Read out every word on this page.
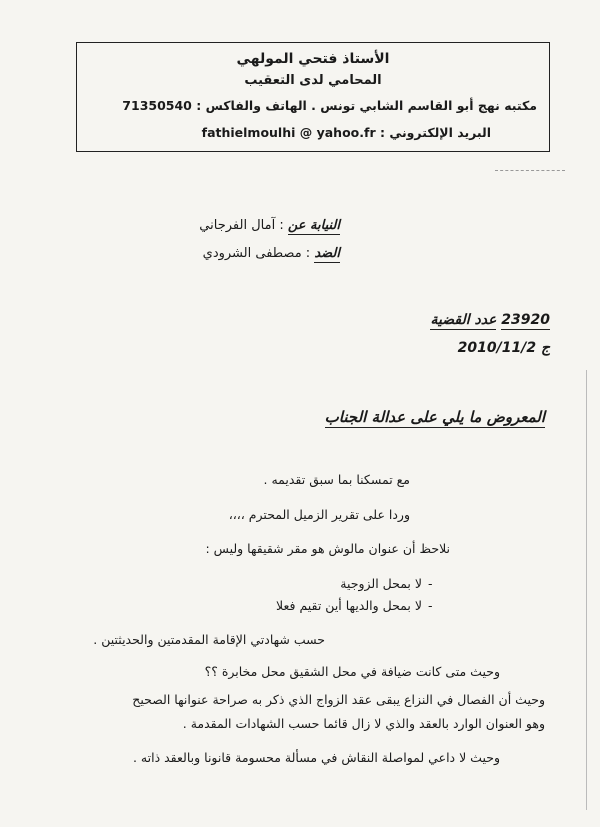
الأستاذ فتحي المولهي
المحامي لدى التعقيب
مكتبه نهج أبو القاسم الشابي تونس . الهاتف والفاكس : 71350540
البريد الإلكتروني : fathielmoulhi @ yahoo.fr
النيابة عن : آمال الفرجاني
الضد : مصطفى الشرودي
عدد القضية 23920
ج 2010/11/2
المعروض ما يلي على عدالة الجناب
مع تمسكنا بما سبق تقديمه .
وردا على تقرير الزميل المحترم ،،،،
نلاحظ أن عنوان مالوش هو مقر شقيقها وليس :
لا بمحل الزوجية -
لا بمحل والديها أين تقيم فعلا -
حسب شهادتي الإقامة المقدمتين والحديثتين .
وحيث متى كانت ضيافة في محل الشقيق محل مخابرة ؟؟
وحيث أن الفصال في النزاع يبقى عقد الزواج الذي ذكر به صراحة عنوانها الصحيح
وهو العنوان الوارد بالعقد والذي لا زال قائما حسب الشهادات المقدمة .
وحيث لا داعي لمواصلة النقاش في مسألة محسومة قانونا وبالعقد ذاته .
